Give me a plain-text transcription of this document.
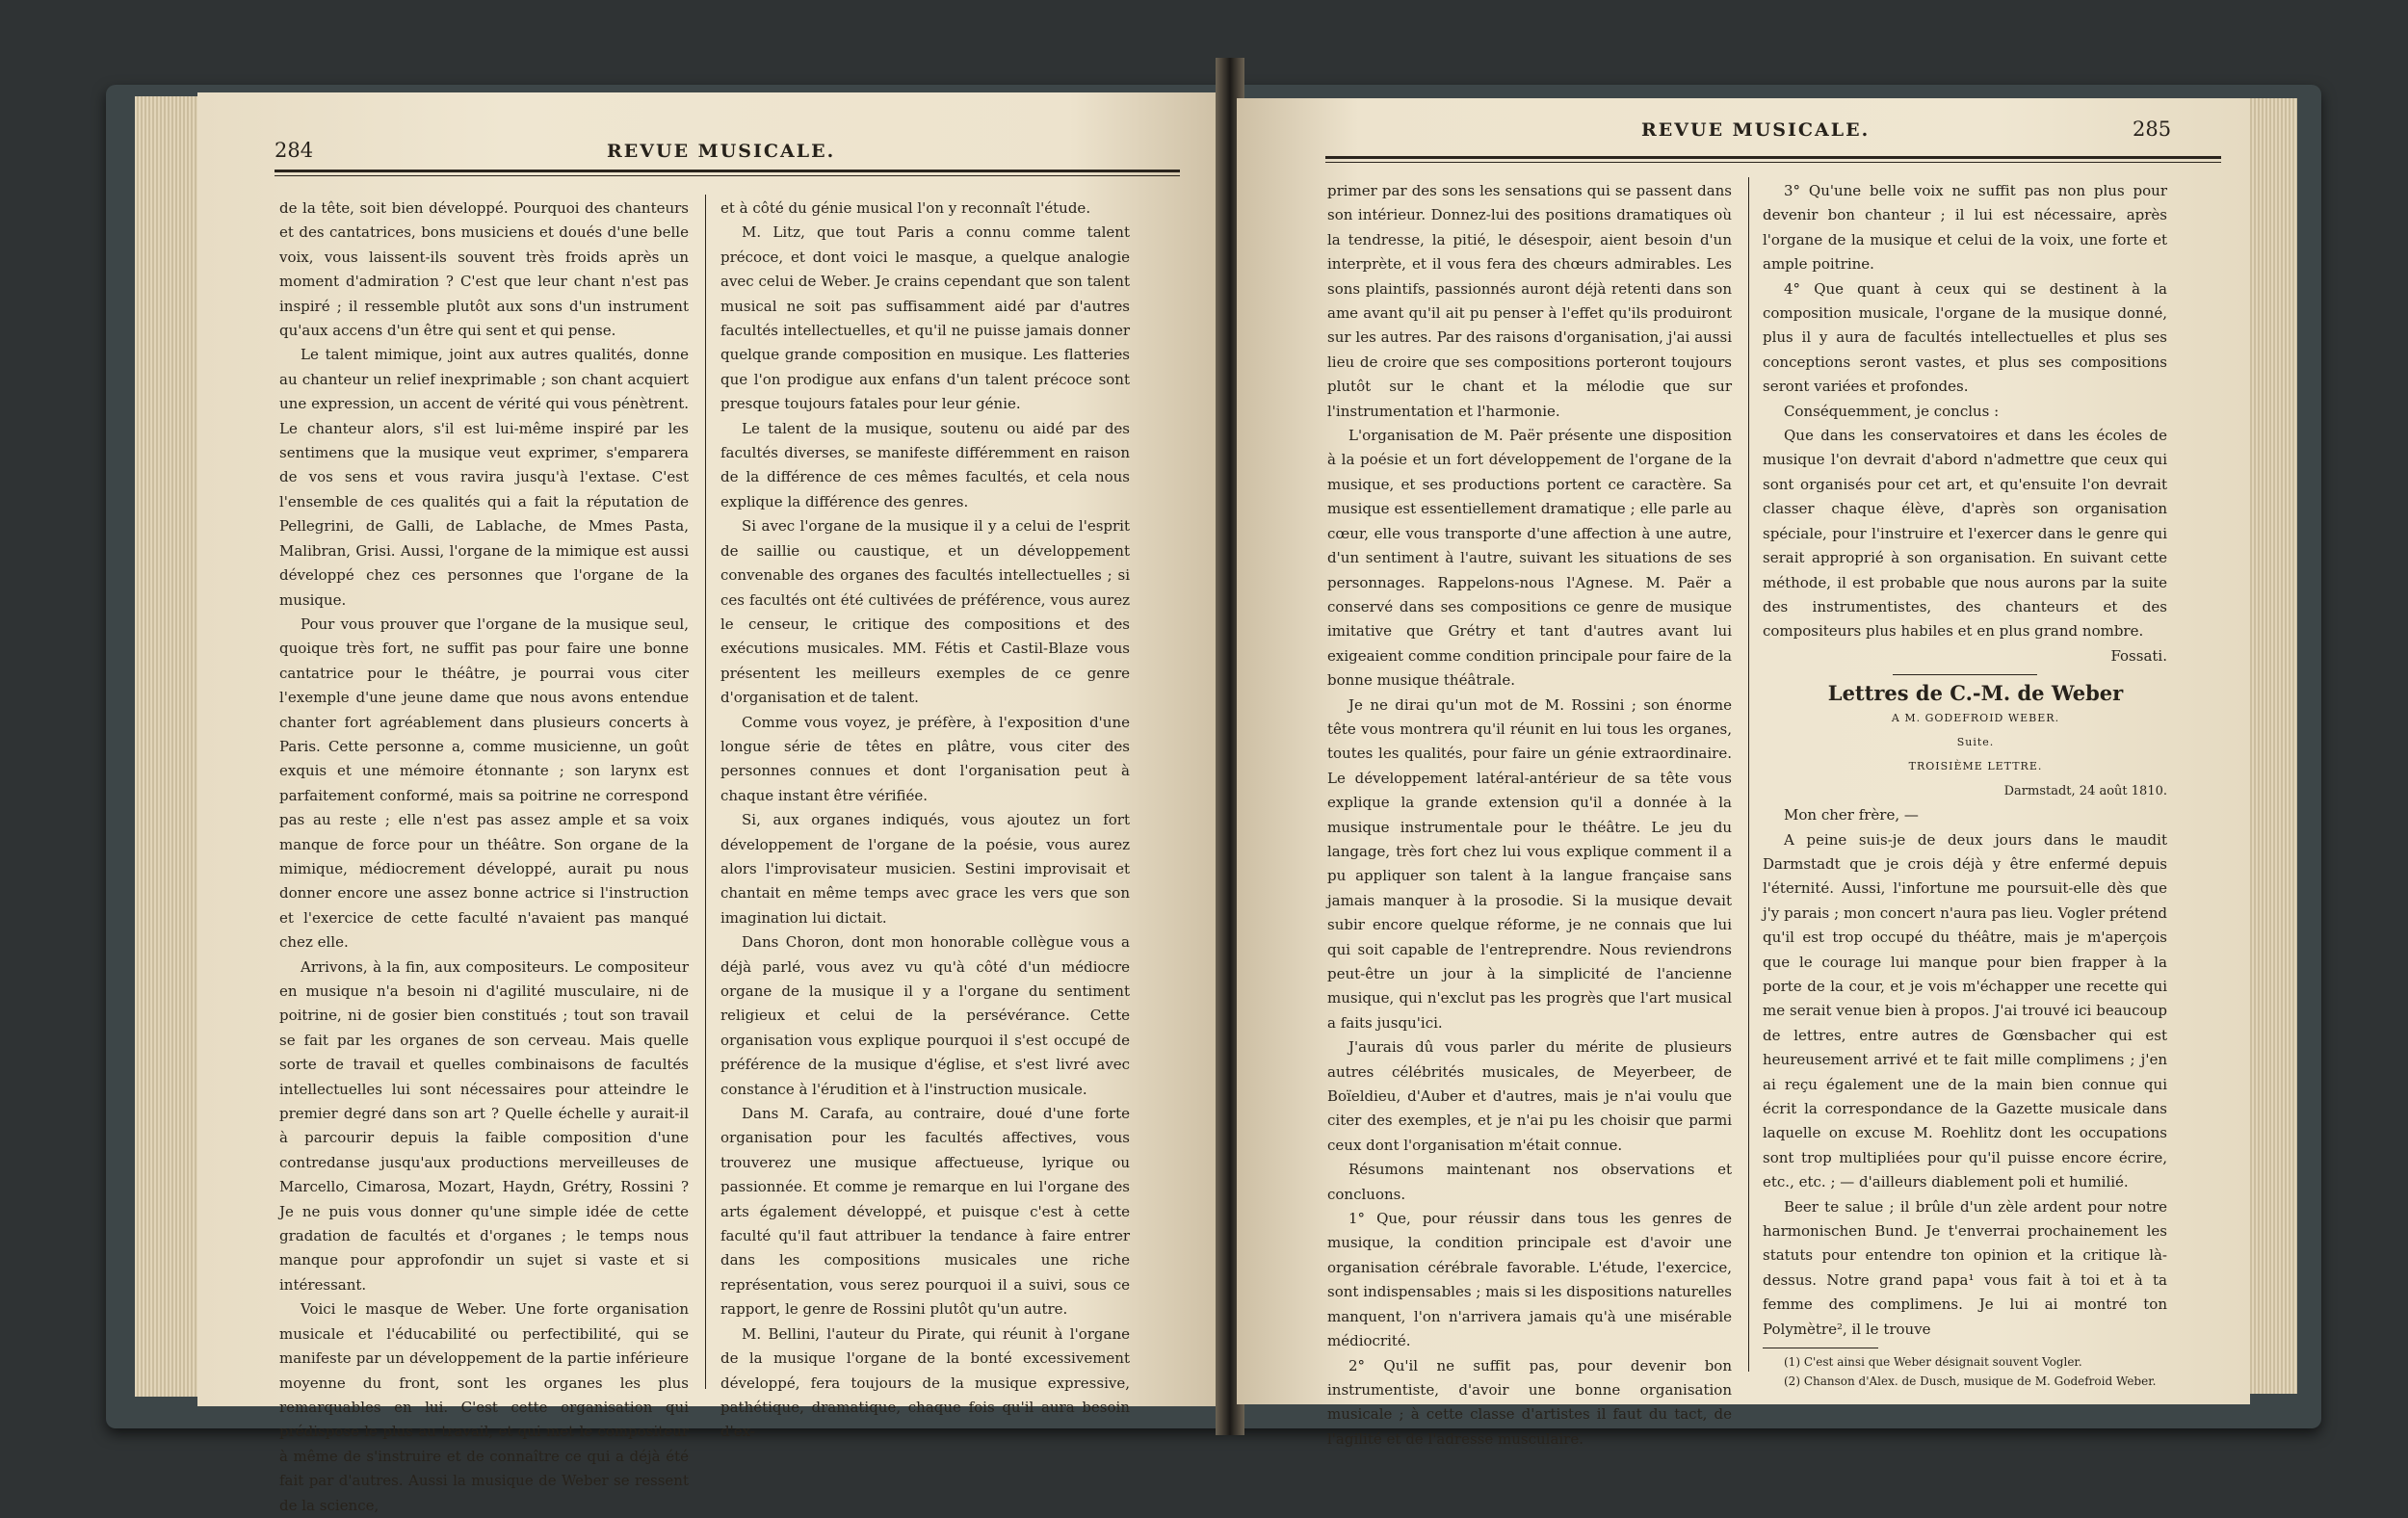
284	REVUE MUSICALE.

de la tête, soit bien développé. Pourquoi des chanteurs et des cantatrices, bons musiciens et doués d'une belle voix, vous laissent-ils souvent très froids après un moment d'admiration ? C'est que leur chant n'est pas inspiré ; il ressemble plutôt aux sons d'un instrument qu'aux accens d'un être qui sent et qui pense.

Le talent mimique, joint aux autres qualités, donne au chanteur un relief inexprimable ; son chant acquiert une expression, un accent de vérité qui vous pénètrent. Le chanteur alors, s'il est lui-même inspiré par les sentimens que la musique veut exprimer, s'emparera de vos sens et vous ravira jusqu'à l'extase. C'est l'ensemble de ces qualités qui a fait la réputation de Pellegrini, de Galli, de Lablache, de Mmes Pasta, Malibran, Grisi. Aussi, l'organe de la mimique est aussi développé chez ces personnes que l'organe de la musique.

Pour vous prouver que l'organe de la musique seul, quoique très fort, ne suffit pas pour faire une bonne cantatrice pour le théâtre, je pourrai vous citer l'exemple d'une jeune dame que nous avons entendue chanter fort agréablement dans plusieurs concerts à Paris. Cette personne a, comme musicienne, un goût exquis et une mémoire étonnante ; son larynx est parfaitement conformé, mais sa poitrine ne correspond pas au reste ; elle n'est pas assez ample et sa voix manque de force pour un théâtre. Son organe de la mimique, médiocrement développé, aurait pu nous donner encore une assez bonne actrice si l'instruction et l'exercice de cette faculté n'avaient pas manqué chez elle.

Arrivons, à la fin, aux compositeurs. Le compositeur en musique n'a besoin ni d'agilité musculaire, ni de poitrine, ni de gosier bien constitués ; tout son travail se fait par les organes de son cerveau. Mais quelle sorte de travail et quelles combinaisons de facultés intellectuelles lui sont nécessaires pour atteindre le premier degré dans son art ? Quelle échelle y aurait-il à parcourir depuis la faible composition d'une contredanse jusqu'aux productions merveilleuses de Marcello, Cimarosa, Mozart, Haydn, Grétry, Rossini ? Je ne puis vous donner qu'une simple idée de cette gradation de facultés et d'organes ; le temps nous manque pour approfondir un sujet si vaste et si intéressant.

Voici le masque de Weber. Une forte organisation musicale et l'éducabilité ou perfectibilité, qui se manifeste par un développement de la partie inférieure moyenne du front, sont les organes les plus remarquables en lui. C'est cette organisation qui prédispose le plus au travail, et qui met le compositeur à même de s'instruire et de connaître ce qui a déjà été fait par d'autres. Aussi la musique de Weber se ressent de la science,

et à côté du génie musical l'on y reconnaît l'étude.

M. Litz, que tout Paris a connu comme talent précoce, et dont voici le masque, a quelque analogie avec celui de Weber. Je crains cependant que son talent musical ne soit pas suffisamment aidé par d'autres facultés intellectuelles, et qu'il ne puisse jamais donner quelque grande composition en musique. Les flatteries que l'on prodigue aux enfans d'un talent précoce sont presque toujours fatales pour leur génie.

Le talent de la musique, soutenu ou aidé par des facultés diverses, se manifeste différemment en raison de la différence de ces mêmes facultés, et cela nous explique la différence des genres.

Si avec l'organe de la musique il y a celui de l'esprit de saillie ou caustique, et un développement convenable des organes des facultés intellectuelles ; si ces facultés ont été cultivées de préférence, vous aurez le censeur, le critique des compositions et des exécutions musicales. MM. Fétis et Castil-Blaze vous présentent les meilleurs exemples de ce genre d'organisation et de talent.

Comme vous voyez, je préfère, à l'exposition d'une longue série de têtes en plâtre, vous citer des personnes connues et dont l'organisation peut à chaque instant être vérifiée.

Si, aux organes indiqués, vous ajoutez un fort développement de l'organe de la poésie, vous aurez alors l'improvisateur musicien. Sestini improvisait et chantait en même temps avec grace les vers que son imagination lui dictait.

Dans Choron, dont mon honorable collègue vous a déjà parlé, vous avez vu qu'à côté d'un médiocre organe de la musique il y a l'organe du sentiment religieux et celui de la persévérance. Cette organisation vous explique pourquoi il s'est occupé de préférence de la musique d'église, et s'est livré avec constance à l'érudition et à l'instruction musicale.

Dans M. Carafa, au contraire, doué d'une forte organisation pour les facultés affectives, vous trouverez une musique affectueuse, lyrique ou passionnée. Et comme je remarque en lui l'organe des arts également développé, et puisque c'est à cette faculté qu'il faut attribuer la tendance à faire entrer dans les compositions musicales une riche représentation, vous serez pourquoi il a suivi, sous ce rapport, le genre de Rossini plutôt qu'un autre.

M. Bellini, l'auteur du Pirate, qui réunit à l'organe de la musique l'organe de la bonté excessivement développé, fera toujours de la musique expressive, pathétique, dramatique, chaque fois qu'il aura besoin d'ex-

REVUE MUSICALE.	285

primer par des sons les sensations qui se passent dans son intérieur. Donnez-lui des positions dramatiques où la tendresse, la pitié, le désespoir, aient besoin d'un interprète, et il vous fera des chœurs admirables. Les sons plaintifs, passionnés auront déjà retenti dans son ame avant qu'il ait pu penser à l'effet qu'ils produiront sur les autres. Par des raisons d'organisation, j'ai aussi lieu de croire que ses compositions porteront toujours plutôt sur le chant et la mélodie que sur l'instrumentation et l'harmonie.

L'organisation de M. Paër présente une disposition à la poésie et un fort développement de l'organe de la musique, et ses productions portent ce caractère. Sa musique est essentiellement dramatique ; elle parle au cœur, elle vous transporte d'une affection à une autre, d'un sentiment à l'autre, suivant les situations de ses personnages. Rappelons-nous l'Agnese. M. Paër a conservé dans ses compositions ce genre de musique imitative que Grétry et tant d'autres avant lui exigeaient comme condition principale pour faire de la bonne musique théâtrale.

Je ne dirai qu'un mot de M. Rossini ; son énorme tête vous montrera qu'il réunit en lui tous les organes, toutes les qualités, pour faire un génie extraordinaire. Le développement latéral-antérieur de sa tête vous explique la grande extension qu'il a donnée à la musique instrumentale pour le théâtre. Le jeu du langage, très fort chez lui vous explique comment il a pu appliquer son talent à la langue française sans jamais manquer à la prosodie. Si la musique devait subir encore quelque réforme, je ne connais que lui qui soit capable de l'entreprendre. Nous reviendrons peut-être un jour à la simplicité de l'ancienne musique, qui n'exclut pas les progrès que l'art musical a faits jusqu'ici.

J'aurais dû vous parler du mérite de plusieurs autres célébrités musicales, de Meyerbeer, de Boïeldieu, d'Auber et d'autres, mais je n'ai voulu que citer des exemples, et je n'ai pu les choisir que parmi ceux dont l'organisation m'était connue.

Résumons maintenant nos observations et concluons.

1° Que, pour réussir dans tous les genres de musique, la condition principale est d'avoir une organisation cérébrale favorable. L'étude, l'exercice, sont indispensables ; mais si les dispositions naturelles manquent, l'on n'arrivera jamais qu'à une misérable médiocrité.

2° Qu'il ne suffit pas, pour devenir bon instrumentiste, d'avoir une bonne organisation musicale ; à cette classe d'artistes il faut du tact, de l'agilité et de l'adresse musculaire.

3° Qu'une belle voix ne suffit pas non plus pour devenir bon chanteur ; il lui est nécessaire, après l'organe de la musique et celui de la voix, une forte et ample poitrine.

4° Que quant à ceux qui se destinent à la composition musicale, l'organe de la musique donné, plus il y aura de facultés intellectuelles et plus ses conceptions seront vastes, et plus ses compositions seront variées et profondes.

Conséquemment, je conclus :

Que dans les conservatoires et dans les écoles de musique l'on devrait d'abord n'admettre que ceux qui sont organisés pour cet art, et qu'ensuite l'on devrait classer chaque élève, d'après son organisation spéciale, pour l'instruire et l'exercer dans le genre qui serait approprié à son organisation. En suivant cette méthode, il est probable que nous aurons par la suite des instrumentistes, des chanteurs et des compositeurs plus habiles et en plus grand nombre.

Fossati.

Lettres de C.-M. de Weber

A M. GODEFROID WEBER.

Suite.

TROISIÈME LETTRE.

Darmstadt, 24 août 1810.

Mon cher frère, —

A peine suis-je de deux jours dans le maudit Darmstadt que je crois déjà y être enfermé depuis l'éternité. Aussi, l'infortune me poursuit-elle dès que j'y parais ; mon concert n'aura pas lieu. Vogler prétend qu'il est trop occupé du théâtre, mais je m'aperçois que le courage lui manque pour bien frapper à la porte de la cour, et je vois m'échapper une recette qui me serait venue bien à propos. J'ai trouvé ici beaucoup de lettres, entre autres de Gœnsbacher qui est heureusement arrivé et te fait mille complimens ; j'en ai reçu également une de la main bien connue qui écrit la correspondance de la Gazette musicale dans laquelle on excuse M. Roehlitz dont les occupations sont trop multipliées pour qu'il puisse encore écrire, etc., etc. ; — d'ailleurs diablement poli et humilié.

Beer te salue ; il brûle d'un zèle ardent pour notre harmonischen Bund. Je t'enverrai prochainement les statuts pour entendre ton opinion et la critique là-dessus. Notre grand papa¹ vous fait à toi et à ta femme des complimens. Je lui ai montré ton Polymètre², il le trouve

(1) C'est ainsi que Weber désignait souvent Vogler.

(2) Chanson d'Alex. de Dusch, musique de M. Godefroid Weber.
